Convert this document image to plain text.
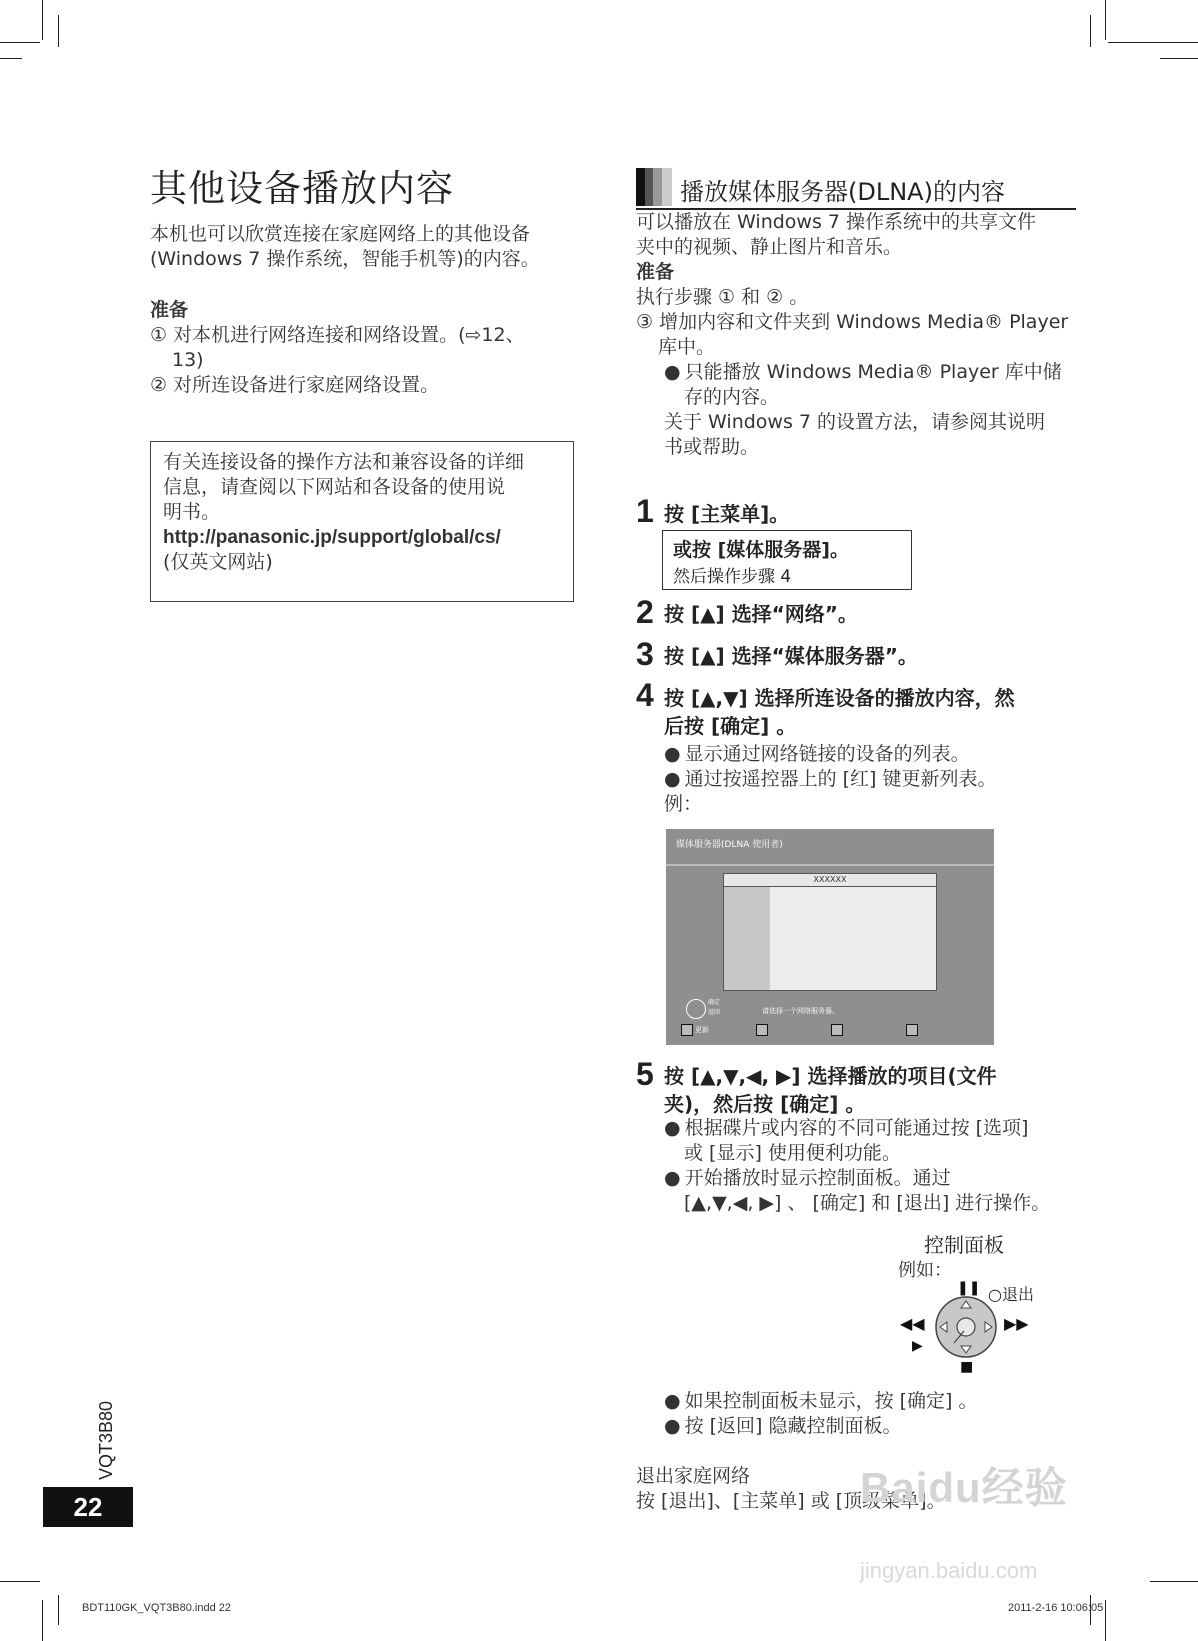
其他设备播放内容
本机也可以欣赏连接在家庭网络上的其他设备
(Windows 7 操作系统，智能手机等)的内容。
准备
① 对本机进行网络连接和网络设置。(⇨12、
13)
② 对所连设备进行家庭网络设置。
有关连接设备的操作方法和兼容设备的详细
信息，请查阅以下网站和各设备的使用说
明书。
http://panasonic.jp/support/global/cs/
(仅英文网站)
播放媒体服务器(DLNA)的内容
可以播放在 Windows 7 操作系统中的共享文件
夹中的视频、静止图片和音乐。
准备
执行步骤 ① 和 ② 。
③ 增加内容和文件夹到 Windows Media® Player
库中。
● 只能播放 Windows Media® Player 库中储
存的内容。
关于 Windows 7 的设置方法，请参阅其说明
书或帮助。
1 按 [主菜单]。
或按 [媒体服务器]。
然后操作步骤 4
2 按 [▲] 选择“网络”。
3 按 [▲] 选择“媒体服务器”。
4 按 [▲,▼] 选择所连设备的播放内容，然
后按 [确定] 。
● 显示通过网络链接的设备的列表。
● 通过按遥控器上的 [红] 键更新列表。
例：
媒体服务器(DLNA 使用者)
XXXXXX
确定
返回	请选择一个网络服务器。
更新
5 按 [▲,▼,◀, ▶] 选择播放的项目(文件
夹)，然后按 [确定] 。
● 根据碟片或内容的不同可能通过按 [选项]
或 [显示] 使用便利功能。
● 开始播放时显示控制面板。通过
[▲,▼,◀, ▶] 、 [确定] 和 [退出] 进行操作。
控制面板
例如：
❚❚ ○退出
◀◀	▶▶
▶
■
● 如果控制面板未显示，按 [确定] 。
● 按 [返回] 隐藏控制面板。
退出家庭网络
按 [退出]、[主菜单] 或 [顶级菜单]。
VQT3B80
22
BDT110GK_VQT3B80.indd 22	2011-2-16 10:06:05
Baidu经验
jingyan.baidu.com
